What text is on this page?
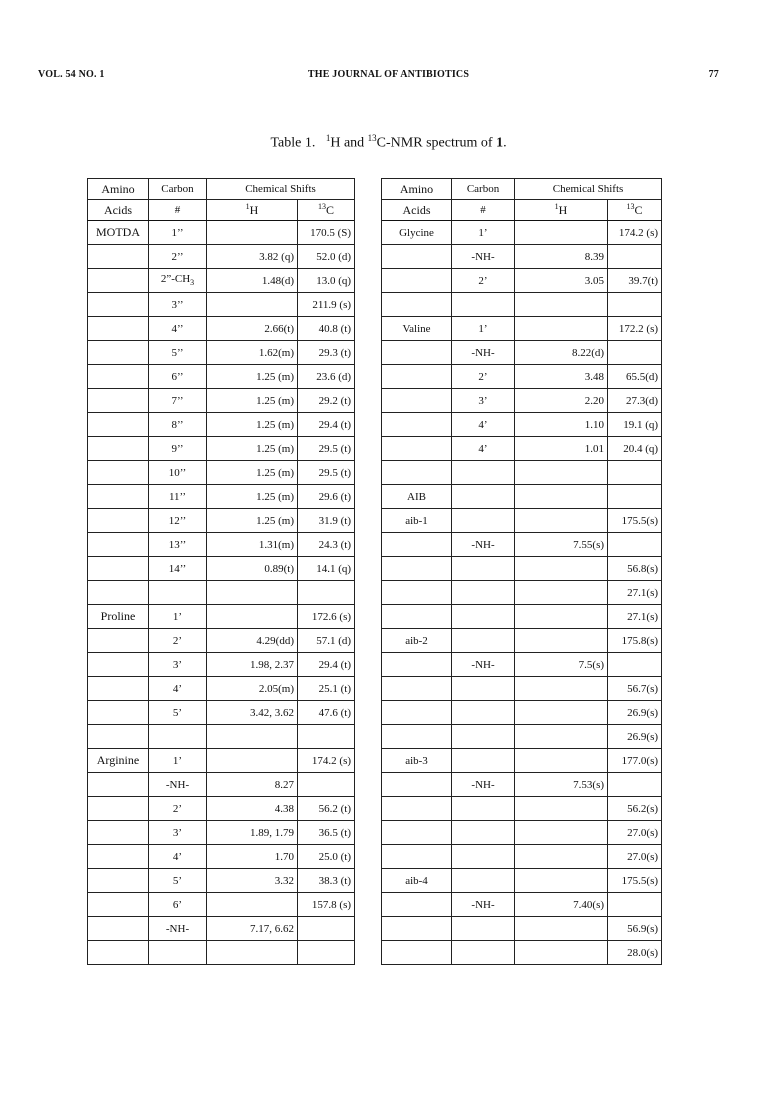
VOL. 54 NO. 1	THE JOURNAL OF ANTIBIOTICS	77
Table 1. $^1$H and $^{13}$C-NMR spectrum of 1.
Amino	Carbon	Chemical Shifts			Amino	Carbon	Chemical Shifts	
Acids	#	$^1$H	$^{13}$C		Acids	#	$^1$H	$^{13}$C
MOTDA	1’’		170.5 (S)		Glycine	1’		174.2 (s)
	2’’	3.82 (q)	52.0 (d)			-NH-	8.39	
	$2”-CH_3$	1.48(d)	13.0 (q)			2’	3.05	39.7(t)
	3’’		211.9 (s)					
	4’’	2.66(t)	40.8 (t)		Valine	1’		172.2 (s)
	5’’	1.62(m)	29.3 (t)			-NH-	8.22(d)	
	6’’	1.25 (m)	23.6 (d)			2’	3.48	65.5(d)
	7’’	1.25 (m)	29.2 (t)			3’	2.20	27.3(d)
	8’’	1.25 (m)	29.4 (t)			4’	1.10	19.1 (q)
	9’’	1.25 (m)	29.5 (t)			4’	1.01	20.4 (q)
	10’’	1.25 (m)	29.5 (t)					
	11’’	1.25 (m)	29.6 (t)		AIB			
	12’’	1.25 (m)	31.9 (t)		aib-1			175.5(s)
	13’’	1.31(m)	24.3 (t)			-NH-	7.55(s)	
	14’’	0.89(t)	14.1 (q)					56.8(s)
								27.1(s)
Proline	1’		172.6 (s)					27.1(s)
	2’	4.29(dd)	57.1 (d)		aib-2			175.8(s)
	3’	1.98, 2.37	29.4 (t)			-NH-	7.5(s)	
	4’	2.05(m)	25.1 (t)					56.7(s)
	5’	3.42, 3.62	47.6 (t)					26.9(s)
								26.9(s)
Arginine	1’		174.2 (s)		aib-3			177.0(s)
	-NH-	8.27				-NH-	7.53(s)	
	2’	4.38	56.2 (t)					56.2(s)
	3’	1.89, 1.79	36.5 (t)					27.0(s)
	4’	1.70	25.0 (t)					27.0(s)
	5’	3.32	38.3 (t)		aib-4			175.5(s)
	6’		157.8 (s)			-NH-	7.40(s)	
	-NH-	7.17, 6.62						56.9(s)
								28.0(s)
